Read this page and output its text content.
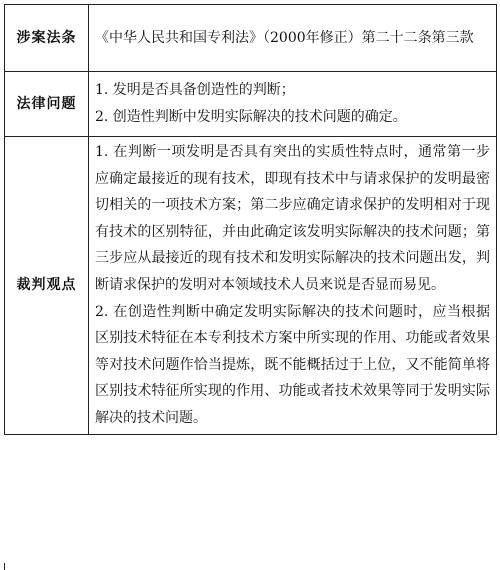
涉案法条	《中华人民共和国专利法》（2000年修正）第二十二条第三款

法律问题	1. 发明是否具备创造性的判断；

2. 创造性判断中发明实际解决的技术问题的确定。

裁判观点	1. 在判断一项发明是否具有突出的实质性特点时，通常第一步应确定最接近的现有技术，即现有技术中与请求保护的发明最密切相关的一项技术方案；第二步应确定请求保护的发明相对于现有技术的区别特征，并由此确定该发明实际解决的技术问题；第三步应从最接近的现有技术和发明实际解决的技术问题出发，判断请求保护的发明对本领域技术人员来说是否显而易见。

2. 在创造性判断中确定发明实际解决的技术问题时，应当根据区别技术特征在本专利技术方案中所实现的作用、功能或者效果等对技术问题作恰当提炼，既不能概括过于上位，又不能简单将区别技术特征所实现的作用、功能或者技术效果等同于发明实际解决的技术问题。
